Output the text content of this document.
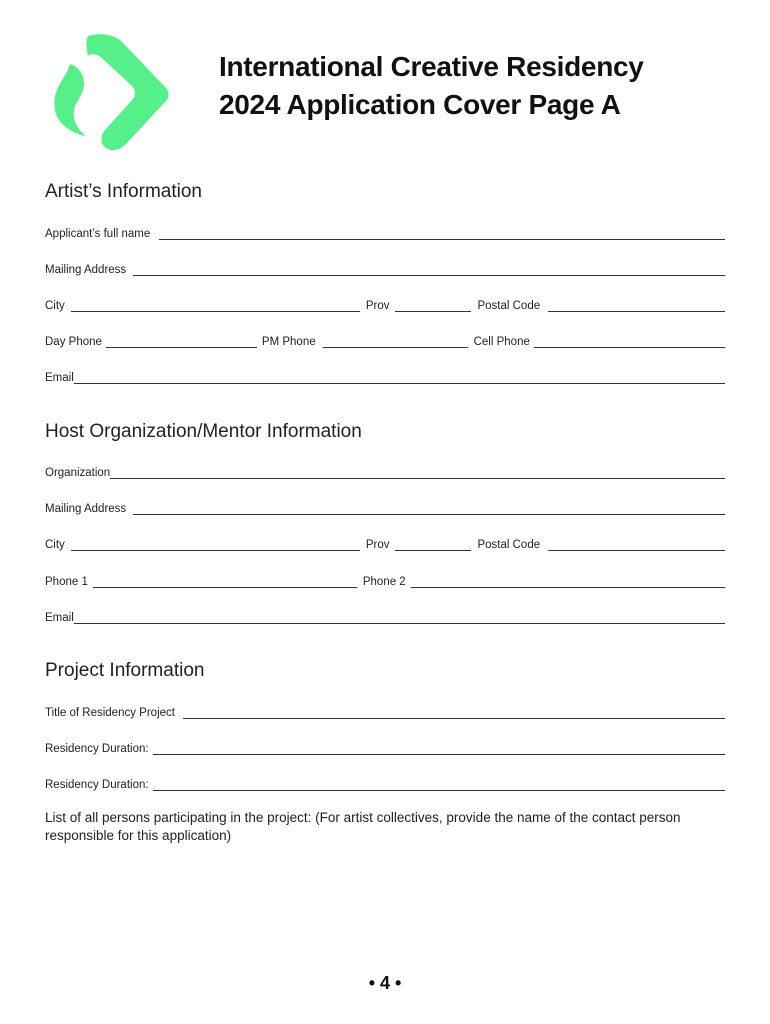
International Creative Residency
2024 Application Cover Page A
Artist’s Information
Applicant’s full name
Mailing Address
City	Prov	Postal Code
Day Phone	PM Phone	Cell Phone
Email
Host Organization/Mentor Information
Organization
Mailing Address
City	Prov	Postal Code
Phone 1	Phone 2
Email
Project Information
Title of Residency Project
Residency Duration:
Residency Duration:

List of all persons participating in the project: (For artist collectives, provide the name of the contact person responsible for this application)

• 4 •
